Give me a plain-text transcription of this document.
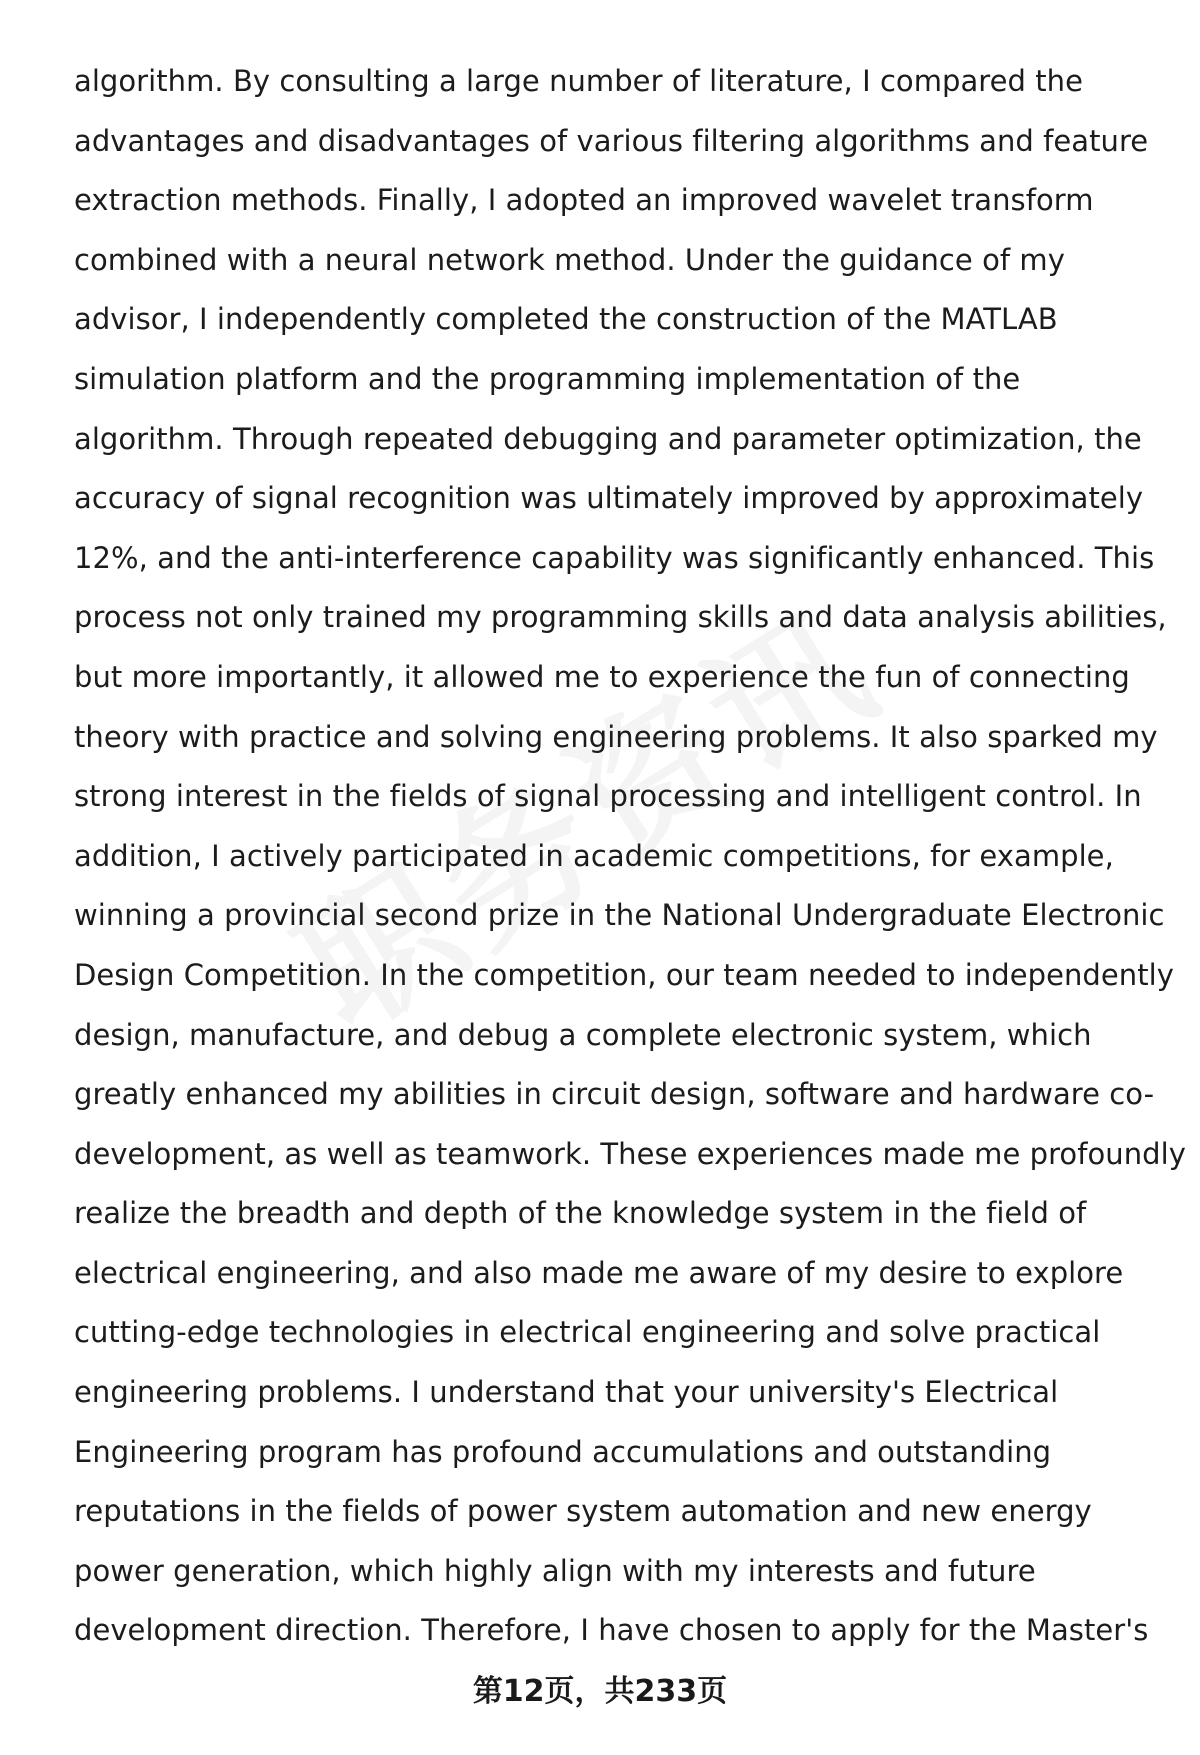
algorithm. By consulting a large number of literature, I compared the
advantages and disadvantages of various filtering algorithms and feature
extraction methods. Finally, I adopted an improved wavelet transform
combined with a neural network method. Under the guidance of my
advisor, I independently completed the construction of the MATLAB
simulation platform and the programming implementation of the
algorithm. Through repeated debugging and parameter optimization, the
accuracy of signal recognition was ultimately improved by approximately
12%, and the anti-interference capability was significantly enhanced. This
process not only trained my programming skills and data analysis abilities,
but more importantly, it allowed me to experience the fun of connecting
theory with practice and solving engineering problems. It also sparked my
strong interest in the fields of signal processing and intelligent control. In
addition, I actively participated in academic competitions, for example,
winning a provincial second prize in the National Undergraduate Electronic
Design Competition. In the competition, our team needed to independently
design, manufacture, and debug a complete electronic system, which
greatly enhanced my abilities in circuit design, software and hardware co-
development, as well as teamwork. These experiences made me profoundly
realize the breadth and depth of the knowledge system in the field of
electrical engineering, and also made me aware of my desire to explore
cutting-edge technologies in electrical engineering and solve practical
engineering problems. I understand that your university's Electrical
Engineering program has profound accumulations and outstanding
reputations in the fields of power system automation and new energy
power generation, which highly align with my interests and future
development direction. Therefore, I have chosen to apply for the Master's
第12页，共233页
